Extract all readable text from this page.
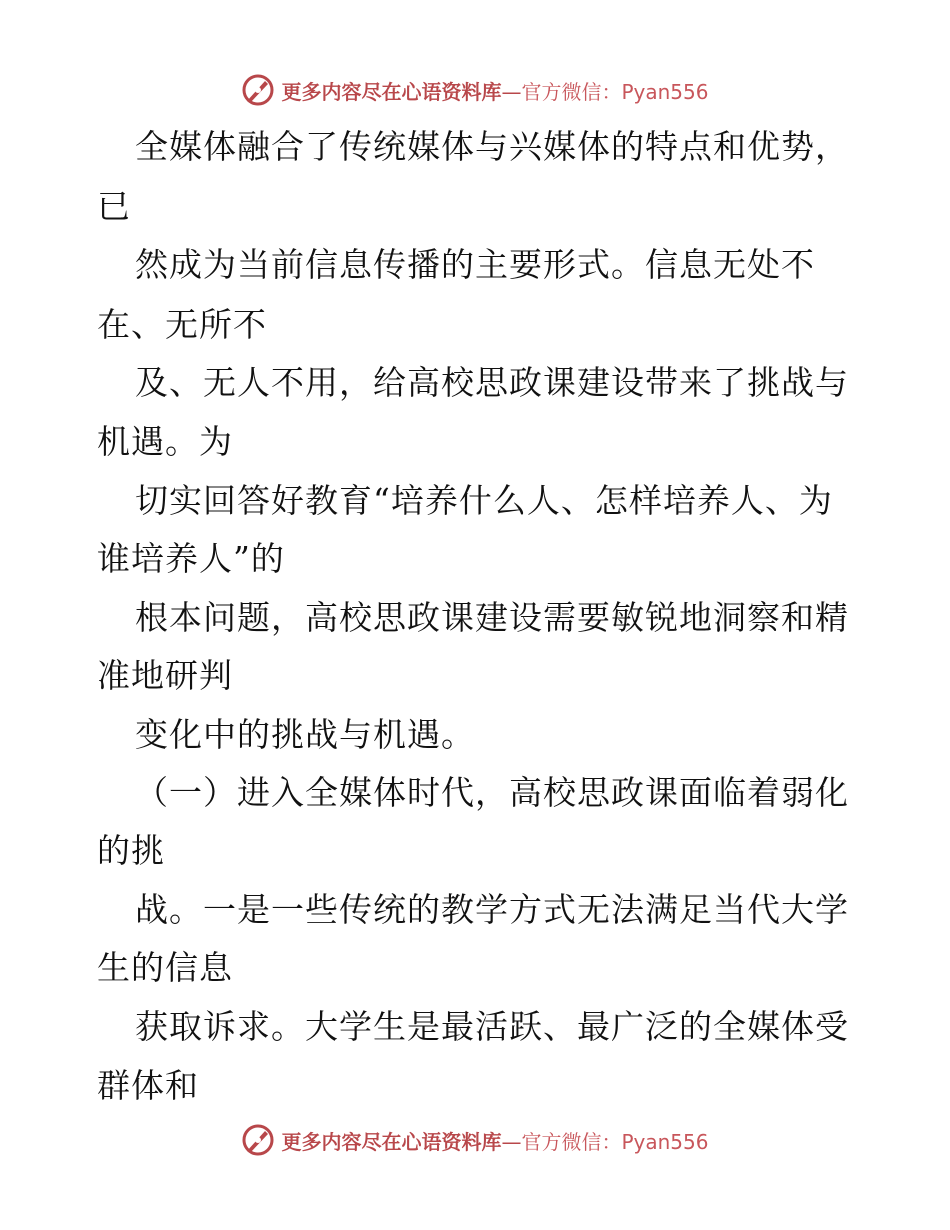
更多内容尽在心语资料库—官方微信：Pyan556
全媒体融合了传统媒体与兴媒体的特点和优势，
已
然成为当前信息传播的主要形式。信息无处不
在、无所不
及、无人不用，给高校思政课建设带来了挑战与
机遇。为
切实回答好教育“培养什么人、怎样培养人、为
谁培养人”的
根本问题，高校思政课建设需要敏锐地洞察和精
准地研判
变化中的挑战与机遇。
（一）进入全媒体时代，高校思政课面临着弱化
的挑
战。一是一些传统的教学方式无法满足当代大学
生的信息
获取诉求。大学生是最活跃、最广泛的全媒体受
群体和
更多内容尽在心语资料库—官方微信：Pyan556
